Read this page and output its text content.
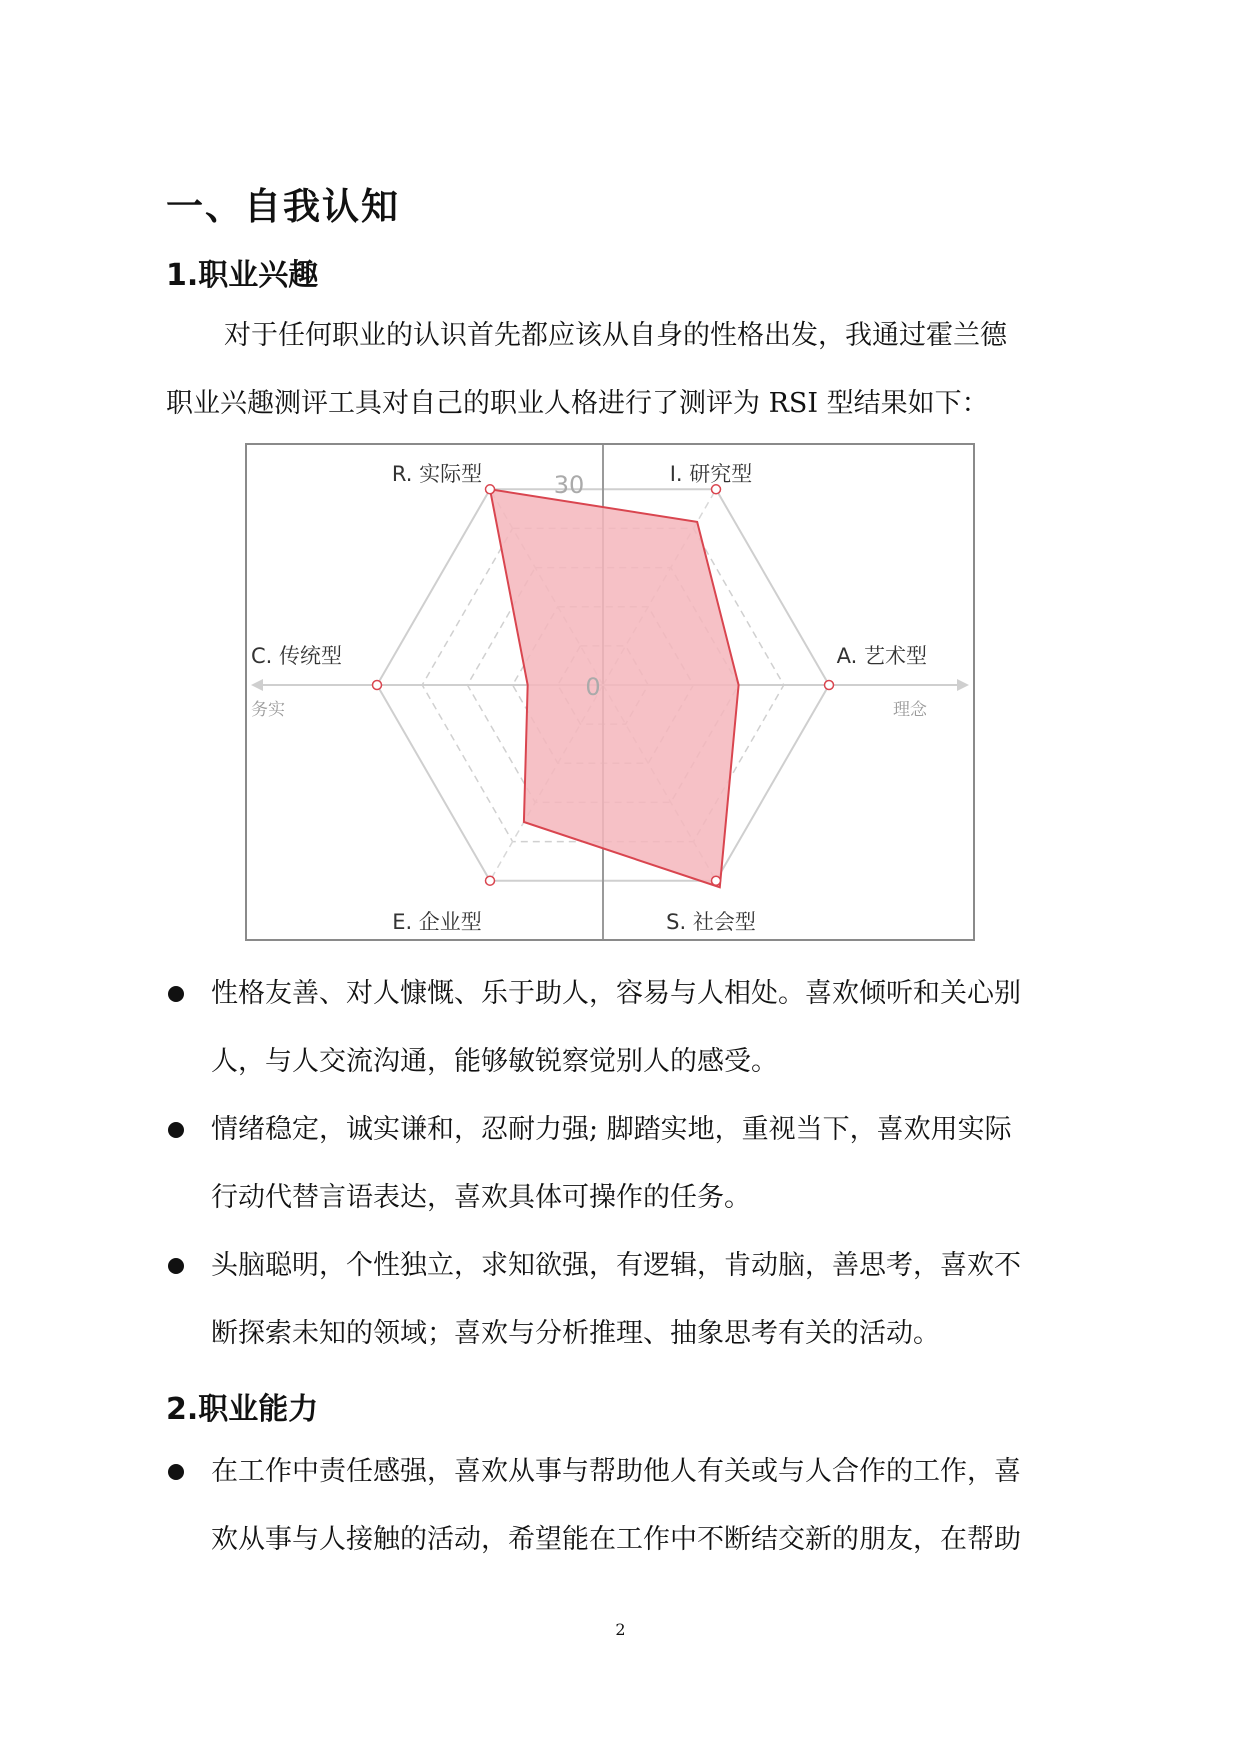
一、自我认知
1.职业兴趣
对于任何职业的认识首先都应该从自身的性格出发，我通过霍兰德
职业兴趣测评工具对自己的职业人格进行了测评为 RSI 型结果如下：
30
0
R. 实际型	I. 研究型
A. 艺术型
S. 社会型
E. 企业型
C. 传统型
务实	理念
性格友善、对人慷慨、乐于助人，容易与人相处。喜欢倾听和关心别
人，与人交流沟通，能够敏锐察觉别人的感受。
情绪稳定，诚实谦和，忍耐力强; 脚踏实地，重视当下，喜欢用实际
行动代替言语表达，喜欢具体可操作的任务。
头脑聪明，个性独立，求知欲强，有逻辑，肯动脑，善思考，喜欢不
断探索未知的领域；喜欢与分析推理、抽象思考有关的活动。
2.职业能力
在工作中责任感强，喜欢从事与帮助他人有关或与人合作的工作，喜
欢从事与人接触的活动，希望能在工作中不断结交新的朋友，在帮助
2
